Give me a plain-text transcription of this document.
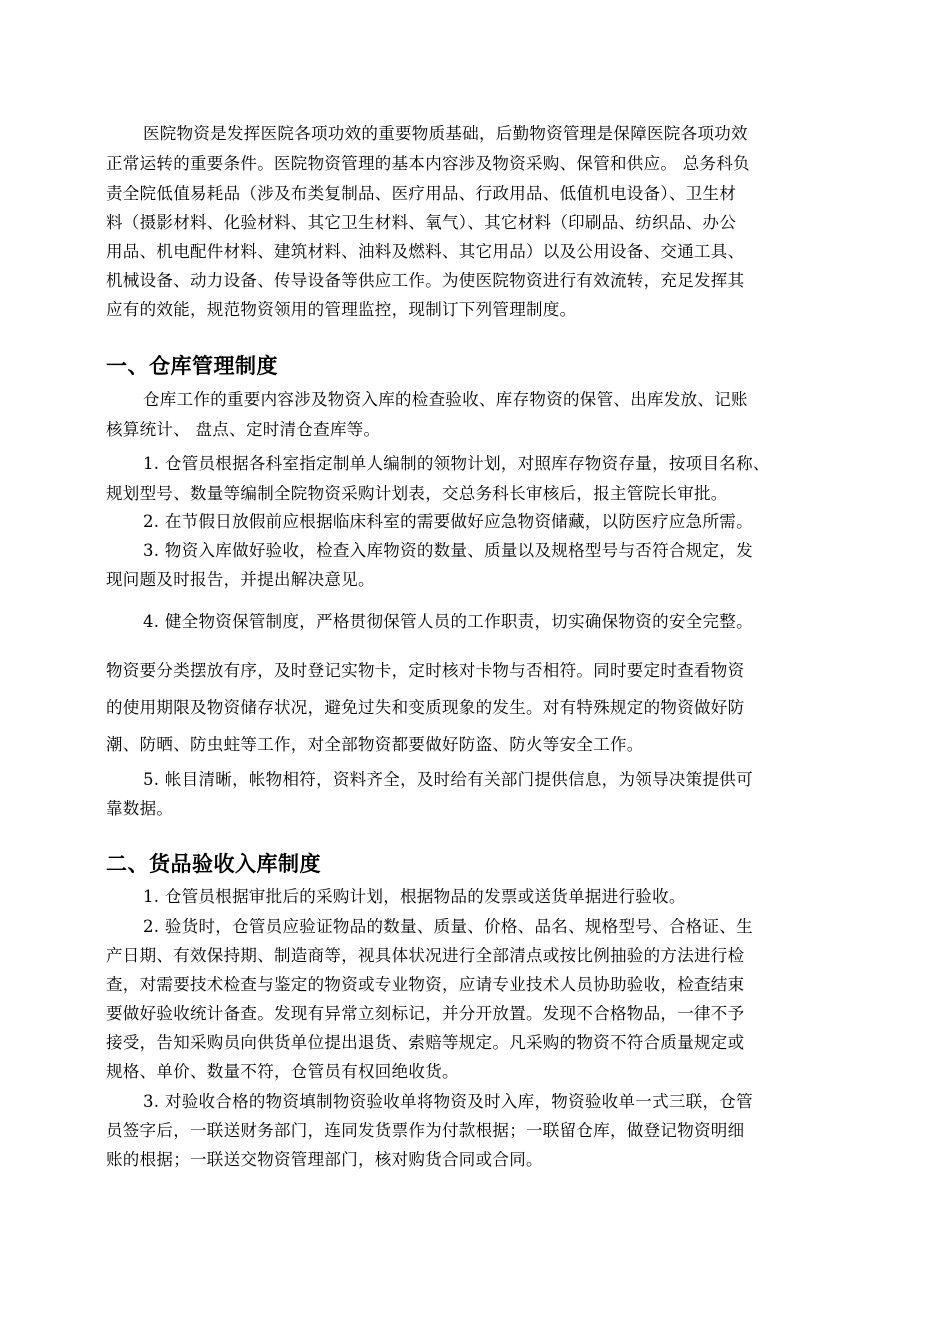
医院物资是发挥医院各项功效的重要物质基础，后勤物资管理是保障医院各项功效
正常运转的重要条件。医院物资管理的基本内容涉及物资采购、保管和供应。 总务科负
责全院低值易耗品（涉及布类复制品、医疗用品、行政用品、低值机电设备）、卫生材
料（摄影材料、化验材料、其它卫生材料、氧气）、其它材料（印刷品、纺织品、办公
用品、机电配件材料、建筑材料、油料及燃料、其它用品）以及公用设备、交通工具、
机械设备、动力设备、传导设备等供应工作。为使医院物资进行有效流转，充足发挥其
应有的效能，规范物资领用的管理监控，现制订下列管理制度。
一、仓库管理制度
仓库工作的重要内容涉及物资入库的检查验收、库存物资的保管、出库发放、记账
核算统计、 盘点、定时清仓查库等。
1. 仓管员根据各科室指定制单人编制的领物计划，对照库存物资存量，按项目名称、
规划型号、数量等编制全院物资采购计划表，交总务科长审核后，报主管院长审批。
2. 在节假日放假前应根据临床科室的需要做好应急物资储藏，以防医疗应急所需。
3. 物资入库做好验收，检查入库物资的数量、质量以及规格型号与否符合规定，发
现问题及时报告，并提出解决意见。
4. 健全物资保管制度，严格贯彻保管人员的工作职责，切实确保物资的安全完整。
物资要分类摆放有序，及时登记实物卡，定时核对卡物与否相符。同时要定时查看物资
的使用期限及物资储存状况，避免过失和变质现象的发生。对有特殊规定的物资做好防
潮、防晒、防虫蛀等工作，对全部物资都要做好防盗、防火等安全工作。
5. 帐目清晰，帐物相符，资料齐全，及时给有关部门提供信息，为领导决策提供可
靠数据。
二、货品验收入库制度
1. 仓管员根据审批后的采购计划，根据物品的发票或送货单据进行验收。
2. 验货时，仓管员应验证物品的数量、质量、价格、品名、规格型号、合格证、生
产日期、有效保持期、制造商等，视具体状况进行全部清点或按比例抽验的方法进行检
查，对需要技术检查与鉴定的物资或专业物资，应请专业技术人员协助验收，检查结束
要做好验收统计备查。发现有异常立刻标记，并分开放置。发现不合格物品，一律不予
接受，告知采购员向供货单位提出退货、索赔等规定。凡采购的物资不符合质量规定或
规格、单价、数量不符，仓管员有权回绝收货。
3. 对验收合格的物资填制物资验收单将物资及时入库，物资验收单一式三联，仓管
员签字后，一联送财务部门，连同发货票作为付款根据；一联留仓库，做登记物资明细
账的根据；一联送交物资管理部门，核对购货合同或合同。
